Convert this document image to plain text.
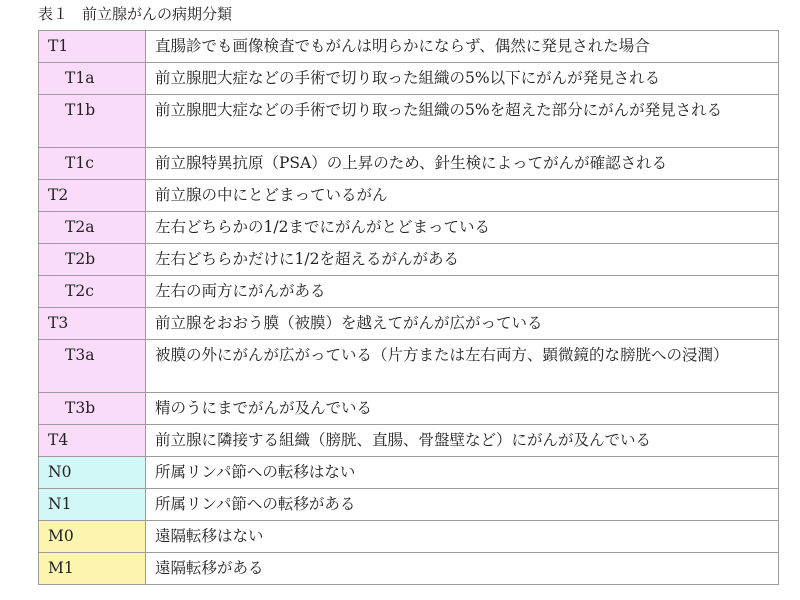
表１ 前立腺がんの病期分類
T1	直腸診でも画像検査でもがんは明らかにならず、偶然に発見された場合

T1a	前立腺肥大症などの手術で切り取った組織の5%以下にがんが発見される

T1b	前立腺肥大症などの手術で切り取った組織の5%を超えた部分にがんが発見される

T1c	前立腺特異抗原（PSA）の上昇のため、針生検によってがんが確認される

T2	前立腺の中にとどまっているがん

T2a	左右どちらかの1/2までにがんがとどまっている

T2b	左右どちらかだけに1/2を超えるがんがある

T2c	左右の両方にがんがある

T3	前立腺をおおう膜（被膜）を越えてがんが広がっている

T3a	被膜の外にがんが広がっている（片方または左右両方、顕微鏡的な膀胱への浸潤）

T3b	精のうにまでがんが及んでいる

T4	前立腺に隣接する組織（膀胱、直腸、骨盤壁など）にがんが及んでいる

N0	所属リンパ節への転移はない

N1	所属リンパ節への転移がある

M0	遠隔転移はない

M1	遠隔転移がある
